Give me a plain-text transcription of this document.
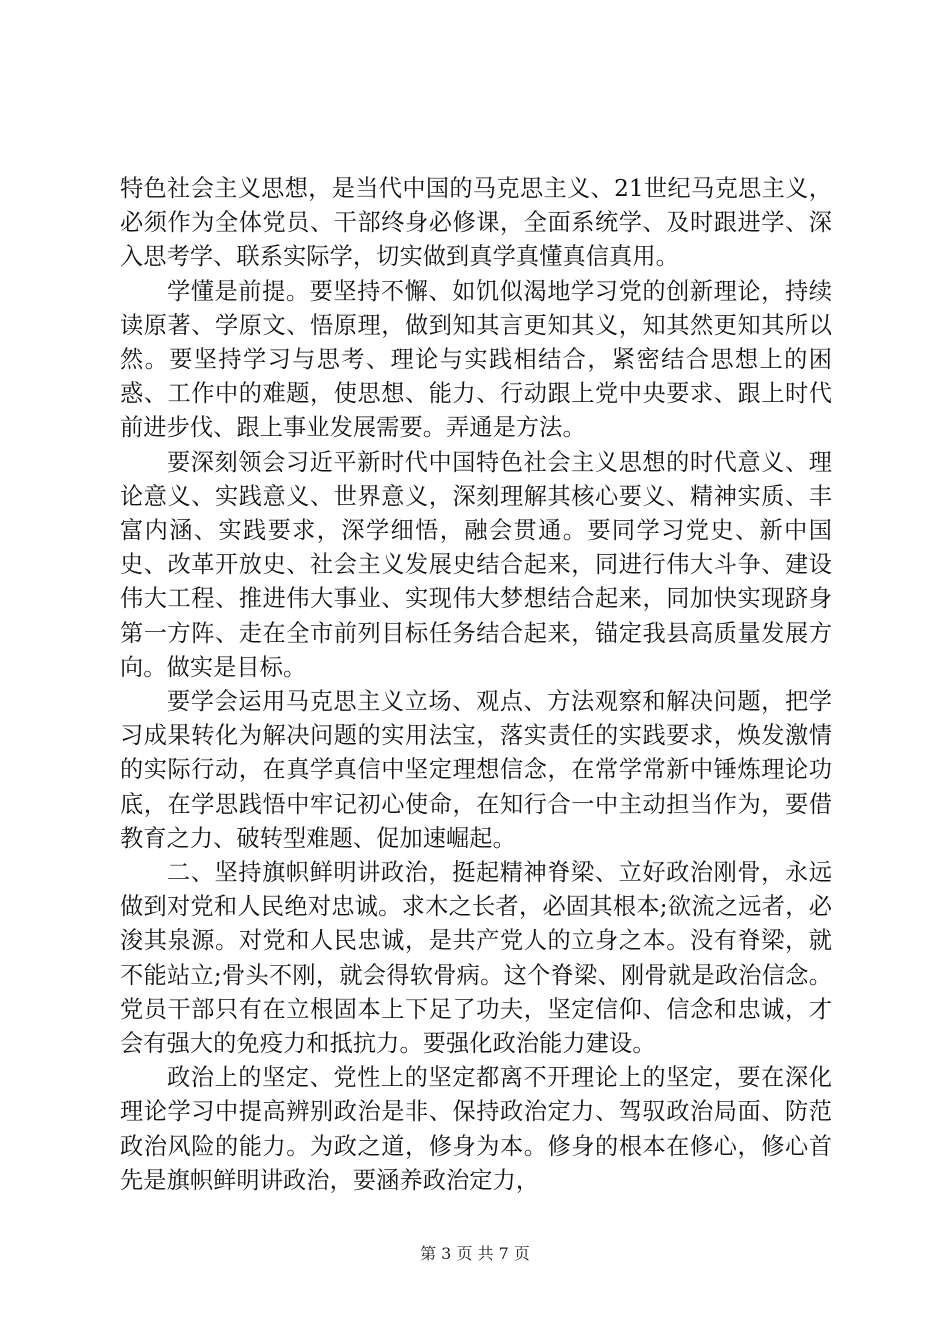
特色社会主义思想，是当代中国的马克思主义、21世纪马克思主义，必须作为全体党员、干部终身必修课，全面系统学、及时跟进学、深入思考学、联系实际学，切实做到真学真懂真信真用。

学懂是前提。要坚持不懈、如饥似渴地学习党的创新理论，持续读原著、学原文、悟原理，做到知其言更知其义，知其然更知其所以然。要坚持学习与思考、理论与实践相结合，紧密结合思想上的困惑、工作中的难题，使思想、能力、行动跟上党中央要求、跟上时代前进步伐、跟上事业发展需要。弄通是方法。

要深刻领会习近平新时代中国特色社会主义思想的时代意义、理论意义、实践意义、世界意义，深刻理解其核心要义、精神实质、丰富内涵、实践要求，深学细悟，融会贯通。要同学习党史、新中国史、改革开放史、社会主义发展史结合起来，同进行伟大斗争、建设伟大工程、推进伟大事业、实现伟大梦想结合起来，同加快实现跻身第一方阵、走在全市前列目标任务结合起来，锚定我县高质量发展方向。做实是目标。

要学会运用马克思主义立场、观点、方法观察和解决问题，把学习成果转化为解决问题的实用法宝，落实责任的实践要求，焕发激情的实际行动，在真学真信中坚定理想信念，在常学常新中锤炼理论功底，在学思践悟中牢记初心使命，在知行合一中主动担当作为，要借教育之力、破转型难题、促加速崛起。

二、坚持旗帜鲜明讲政治，挺起精神脊梁、立好政治刚骨，永远做到对党和人民绝对忠诚。求木之长者，必固其根本;欲流之远者，必浚其泉源。对党和人民忠诚，是共产党人的立身之本。没有脊梁，就不能站立;骨头不刚，就会得软骨病。这个脊梁、刚骨就是政治信念。党员干部只有在立根固本上下足了功夫，坚定信仰、信念和忠诚，才会有强大的免疫力和抵抗力。要强化政治能力建设。

政治上的坚定、党性上的坚定都离不开理论上的坚定，要在深化理论学习中提高辨别政治是非、保持政治定力、驾驭政治局面、防范政治风险的能力。为政之道，修身为本。修身的根本在修心，修心首先是旗帜鲜明讲政治，要涵养政治定力，

第 3 页 共 7 页
